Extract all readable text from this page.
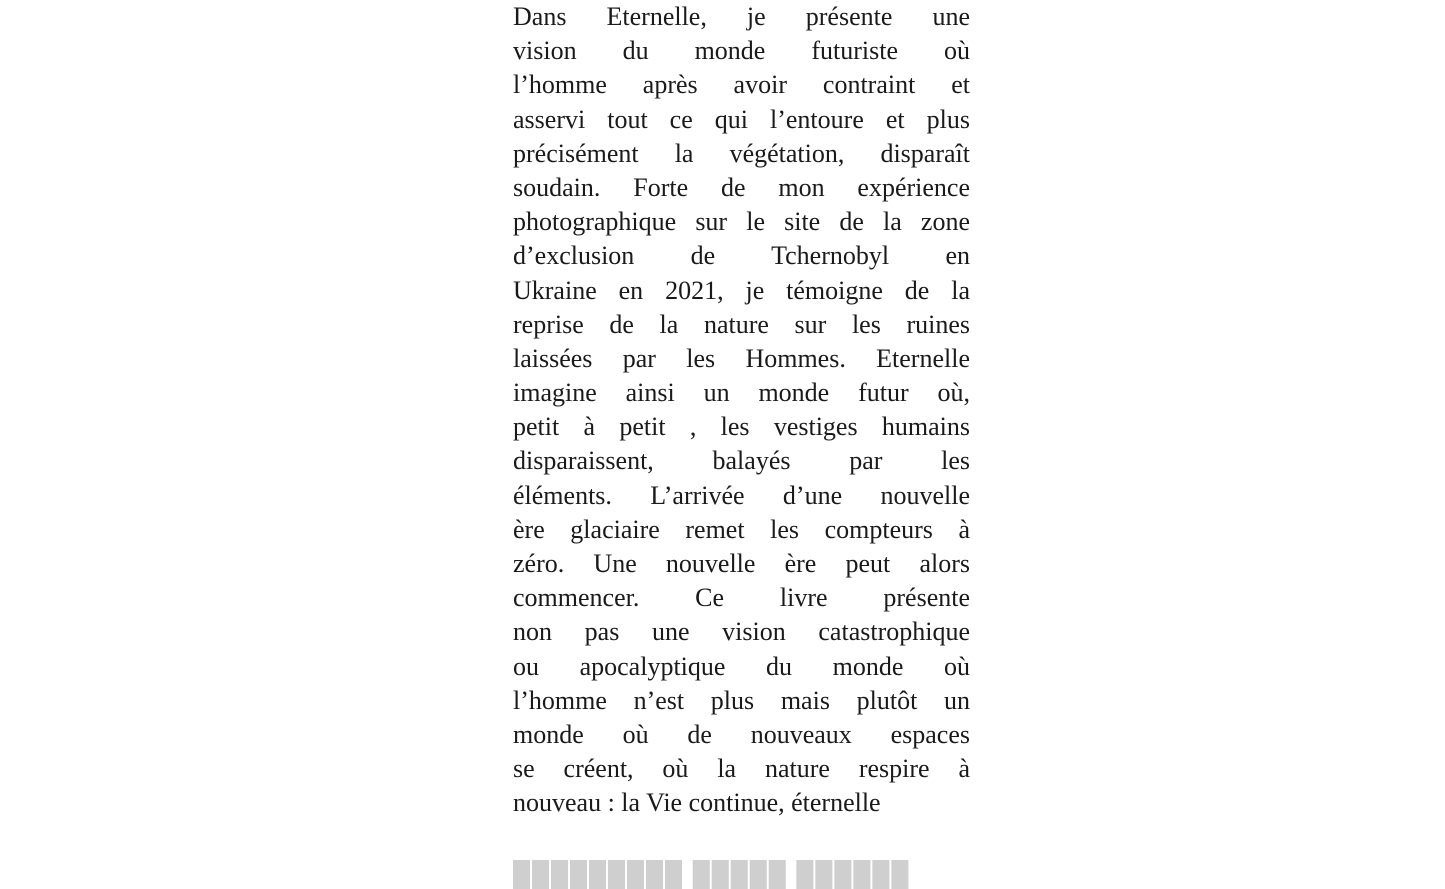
Dans Eternelle, je présente une
vision du monde futuriste où
l’homme après avoir contraint et
asservi tout ce qui l’entoure et plus
précisément la végétation, disparaît
soudain. Forte de mon expérience
photographique sur le site de la zone
d’exclusion de Tchernobyl en
Ukraine en 2021, je témoigne de la
reprise de la nature sur les ruines
laissées par les Hommes. Eternelle
imagine ainsi un monde futur où,
petit à petit , les vestiges humains
disparaissent, balayés par les
éléments. L’arrivée d’une nouvelle
ère glaciaire remet les compteurs à
zéro. Une nouvelle ère peut alors
commencer. Ce livre présente
non pas une vision catastrophique
ou apocalyptique du monde où
l’homme n’est plus mais plutôt un
monde où de nouveaux espaces
se créent, où la nature respire à
nouveau : la Vie continue, éternelle
█████████ █████ ██████
